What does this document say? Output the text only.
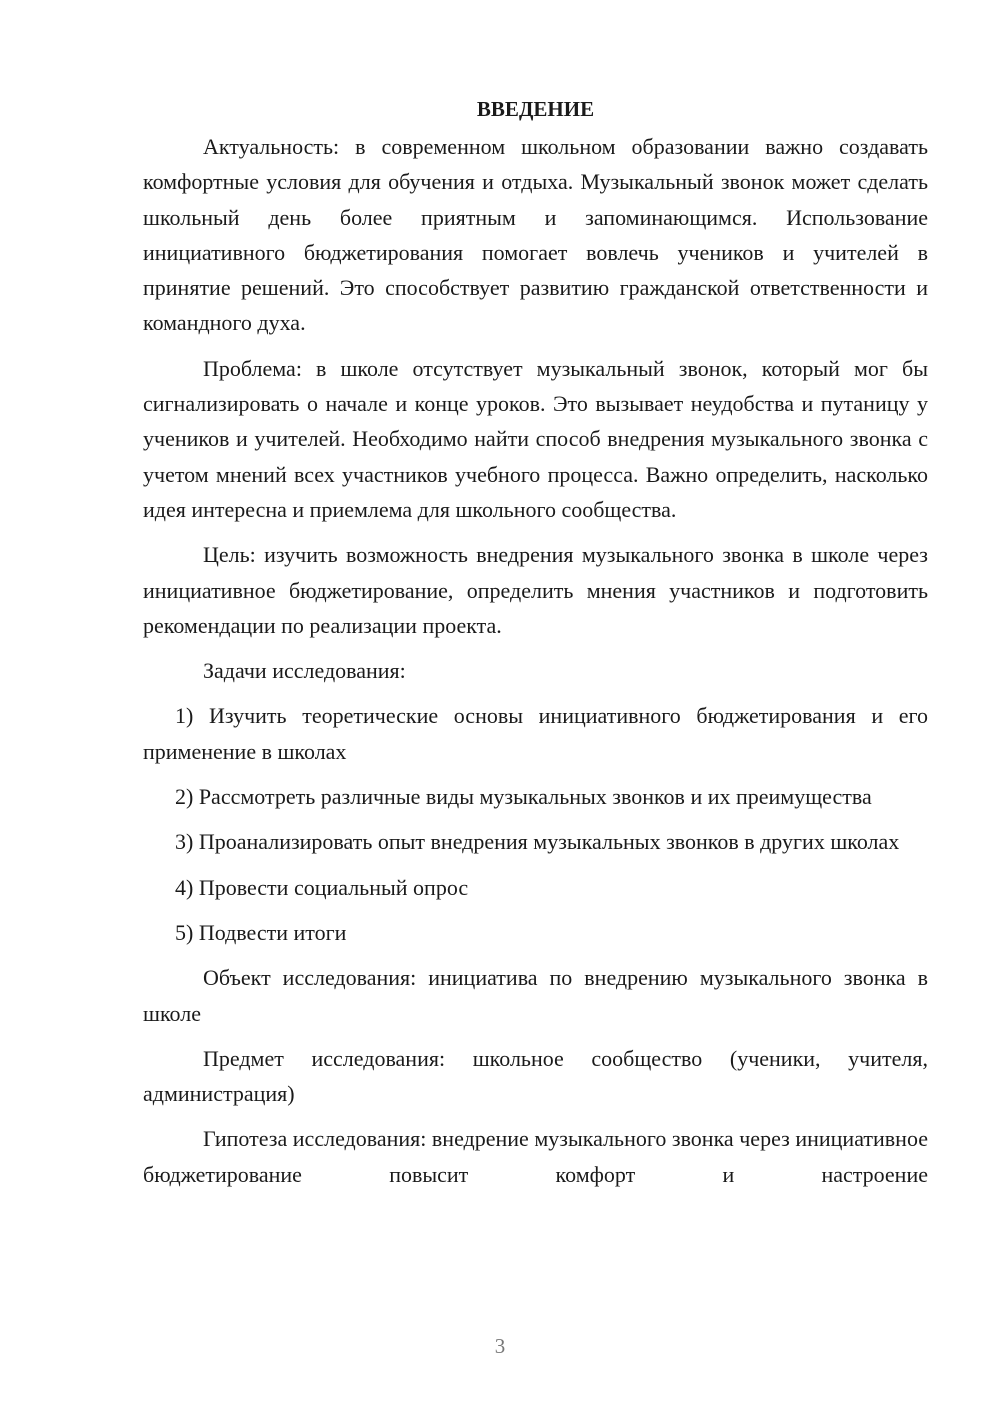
ВВЕДЕНИЕ

Актуальность: в современном школьном образовании важно создавать комфортные условия для обучения и отдыха. Музыкальный звонок может сделать школьный день более приятным и запоминающимся. Использование инициативного бюджетирования помогает вовлечь учеников и учителей в принятие решений. Это способствует развитию гражданской ответственности и командного духа.

Проблема: в школе отсутствует музыкальный звонок, который мог бы сигнализировать о начале и конце уроков. Это вызывает неудобства и путаницу у учеников и учителей. Необходимо найти способ внедрения музыкального звонка с учетом мнений всех участников учебного процесса. Важно определить, насколько идея интересна и приемлема для школьного сообщества.

Цель: изучить возможность внедрения музыкального звонка в школе через инициативное бюджетирование, определить мнения участников и подготовить рекомендации по реализации проекта.

Задачи исследования:

1) Изучить теоретические основы инициативного бюджетирования и его применение в школах

2) Рассмотреть различные виды музыкальных звонков и их преимущества

3) Проанализировать опыт внедрения музыкальных звонков в других школах

4) Провести социальный опрос

5) Подвести итоги

Объект исследования: инициатива по внедрению музыкального звонка в школе

Предмет исследования: школьное сообщество (ученики, учителя, администрация)

Гипотеза исследования: внедрение музыкального звонка через инициативное бюджетирование повысит комфорт и настроение

3
